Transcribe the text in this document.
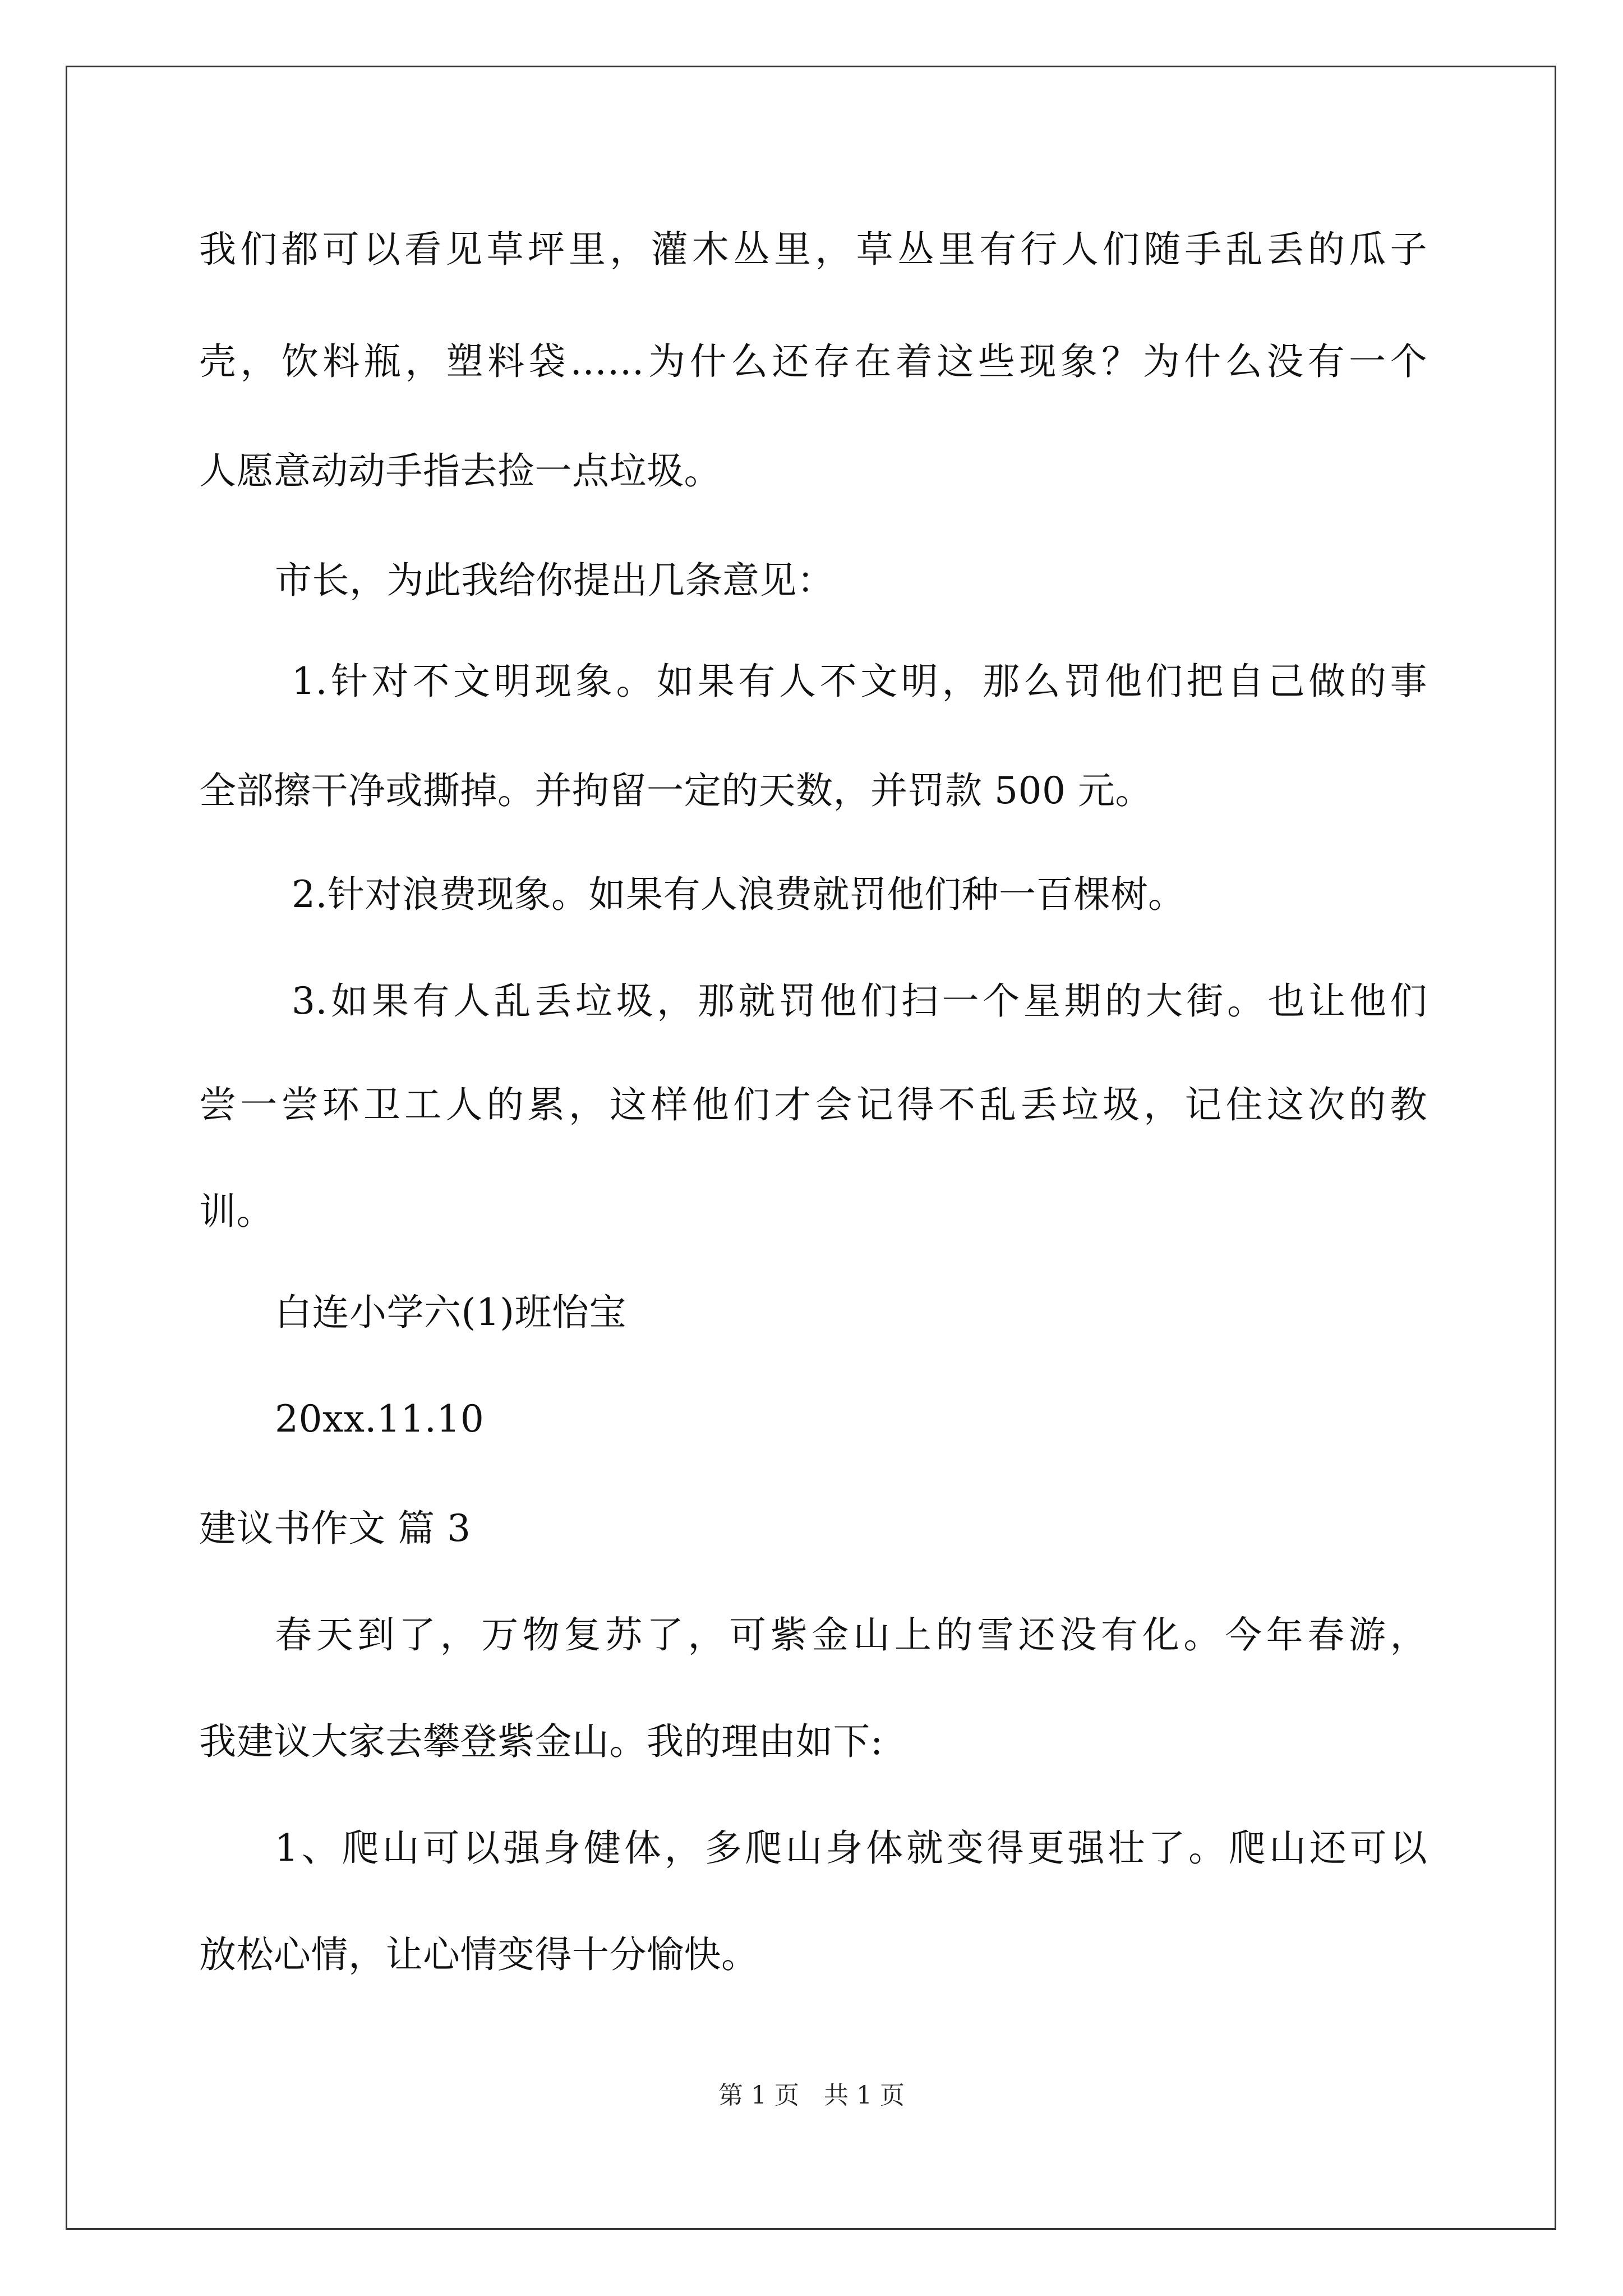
我们都可以看见草坪里，灌木丛里，草丛里有行人们随手乱丢的瓜子
壳，饮料瓶，塑料袋……为什么还存在着这些现象？为什么没有一个
人愿意动动手指去捡一点垃圾。
市长，为此我给你提出几条意见：
1.针对不文明现象。如果有人不文明，那么罚他们把自己做的事
全部擦干净或撕掉。并拘留一定的天数，并罚款 500 元。
2.针对浪费现象。如果有人浪费就罚他们种一百棵树。
3.如果有人乱丢垃圾，那就罚他们扫一个星期的大街。也让他们
尝一尝环卫工人的累，这样他们才会记得不乱丢垃圾，记住这次的教
训。
白连小学六(1)班怡宝
20xx.11.10
建议书作文 篇 3
春天到了，万物复苏了，可紫金山上的雪还没有化。今年春游，
我建议大家去攀登紫金山。我的理由如下:
1、爬山可以强身健体，多爬山身体就变得更强壮了。爬山还可以
放松心情，让心情变得十分愉快。
第 1 页　共 1 页
